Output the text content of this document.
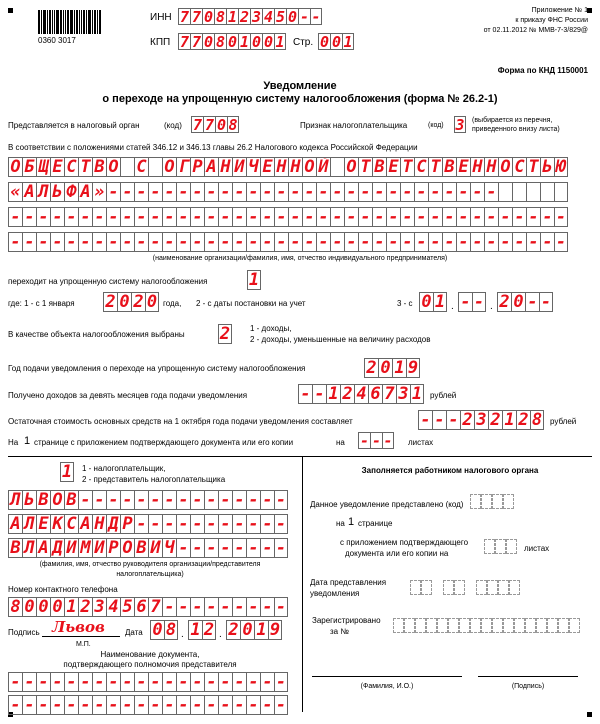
0360 3017
ИНН 7 7 0 8 1 2 3 4 5 0 - -
КПП 7 7 0 8 0 1 0 0 1 Стр. 0 0 1
Приложение № 1
к приказу ФНС России
от 02.11.2012 № ММВ-7-3/829@
Форма по КНД 1150001
Уведомление
о переходе на упрощенную систему налогообложения (форма № 26.2-1)
Представляется в налоговый орган	(код) 7 7 0 8	Признак налогоплательщика	(код) 3 (выбирается из перечня, приведенного внизу листа)
В соответствии с положениями статей 346.12 и 346.13 главы 26.2 Налогового кодекса Российской Федерации
О Б Щ Е С Т В О С О Г Р А Н И Ч Е Н Н О Й О Т В Е Т С Т В Е Н Н О С Т Ь Ю
« А Л Ь Ф А » - - - - - - - - - - - - - - - - - - - - - - - - - - - -
- - - - - - - - - - - - - - - - - - - - - - - - - - - - - - - - - - - - - - - -
- - - - - - - - - - - - - - - - - - - - - - - - - - - - - - - - - - - - - - - -
(наименование организации/фамилия, имя, отчество индивидуального предпринимателя)
переходит на упрощенную систему налогообложения 1
где: 1 - с 1 января 2 0 2 0 года, 2 - с даты постановки на учет	3 - с 0 1 . - - . 2 0 - -
В качестве объекта налогообложения выбраны 2 1 - доходы,
2 - доходы, уменьшенные на величину расходов
Год подачи уведомления о переходе на упрощенную систему налогообложения	2 0 1 9
Получено доходов за девять месяцев года подачи уведомления	- - 1 2 4 6 7 3 1 рублей
Остаточная стоимость основных средств на 1 октября года подачи уведомления составляет	- - - 2 3 2 1 2 8 рублей
На 1 странице с приложением подтверждающего документа или его копии	на - - - листах
1 1 - налогоплательщик,
2 - представитель налогоплательщика
Л Ь В О В - - - - - - - - - - - - - - -
А Л Е К С А Н Д Р - - - - - - - - - - -
В Л А Д И М И Р О В И Ч - - - - - - - -
(фамилия, имя, отчество руководителя организации/представителя
налогоплательщика)
Номер контактного телефона
8 0 0 0 1 2 3 4 5 6 7 - - - - - - - - -
Подпись Львов	Дата 0 8 . 1 2 . 2 0 1 9
М.П.
Наименование документа,
подтверждающего полномочия представителя
- - - - - - - - - - - - - - - - - - - -
- - - - - - - - - - - - - - - - - - - -
Заполняется работником налогового органа
Данное уведомление представлено (код)
на 1 странице
с приложением подтверждающего
документа или его копии на
листах
Дата представления
уведомления
Зарегистрировано
за №
(Фамилия, И.О.)	(Подпись)
